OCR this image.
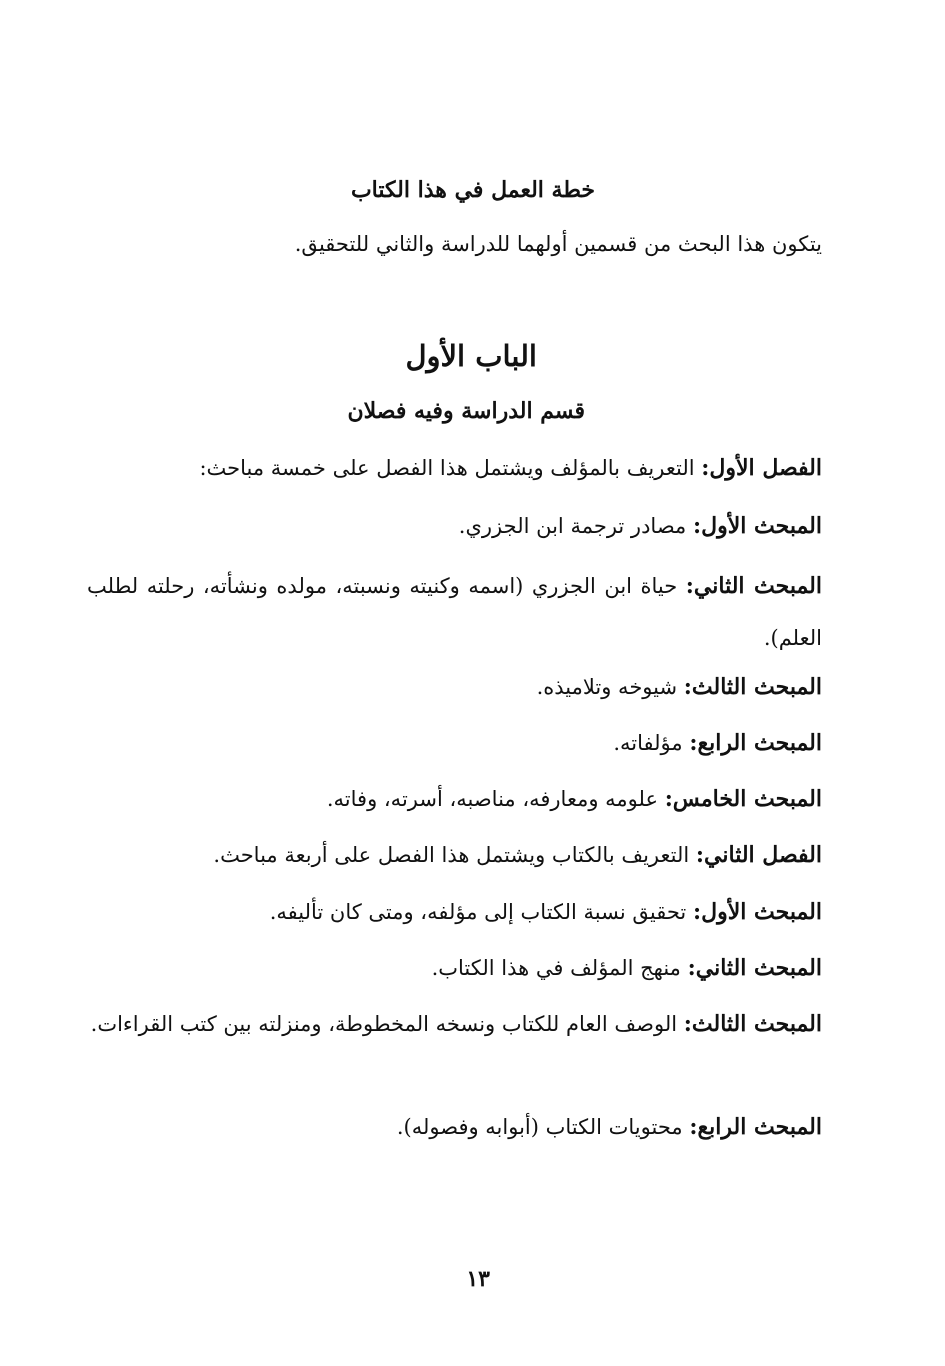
خطة العمل في هذا الكتاب

يتكون هذا البحث من قسمين أولهما للدراسة والثاني للتحقيق.

الباب الأول

قسم الدراسة وفيه فصلان

الفصل الأول: التعريف بالمؤلف ويشتمل هذا الفصل على خمسة مباحث:

المبحث الأول: مصادر ترجمة ابن الجزري.

المبحث الثاني: حياة ابن الجزري (اسمه وكنيته ونسبته، مولده ونشأته، رحلته لطلب العلم).

المبحث الثالث: شيوخه وتلاميذه.

المبحث الرابع: مؤلفاته.

المبحث الخامس: علومه ومعارفه، مناصبه، أسرته، وفاته.

الفصل الثاني: التعريف بالكتاب ويشتمل هذا الفصل على أربعة مباحث.

المبحث الأول: تحقيق نسبة الكتاب إلى مؤلفه، ومتى كان تأليفه.

المبحث الثاني: منهج المؤلف في هذا الكتاب.

المبحث الثالث: الوصف العام للكتاب ونسخه المخطوطة، ومنزلته بين كتب القراءات.

المبحث الرابع: محتويات الكتاب (أبوابه وفصوله).

١٣
